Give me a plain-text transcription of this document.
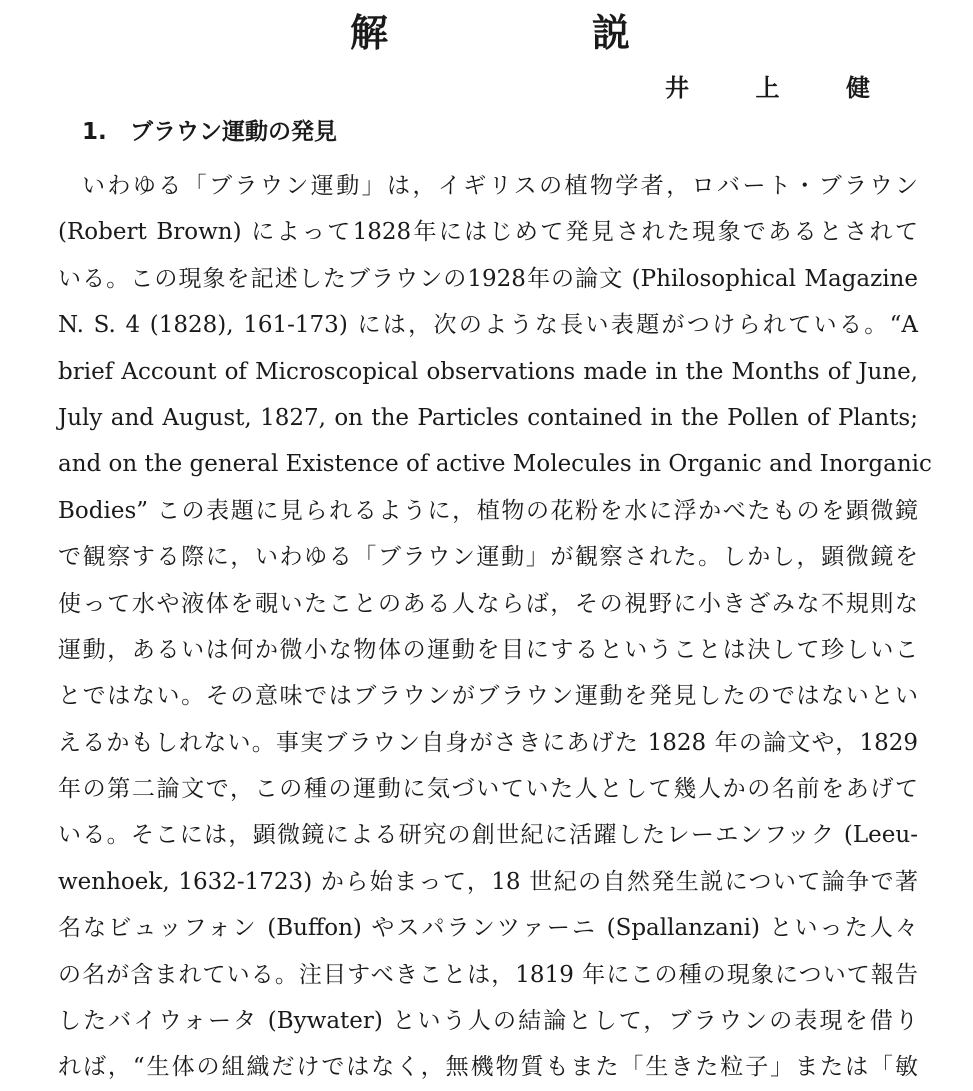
解	説
井	上	健
1. ブラウン運動の発見
いわゆる「ブラウン運動」は，イギリスの植物学者，ロバート・ブラウン
(Robert Brown) によって1828年にはじめて発見された現象であるとされて
いる。この現象を記述したブラウンの1928年の論文 (Philosophical Magazine
N. S. 4 (1828), 161-173) には，次のような長い表題がつけられている。“A
brief Account of Microscopical observations made in the Months of June,
July and August, 1827, on the Particles contained in the Pollen of Plants;
and on the general Existence of active Molecules in Organic and Inorganic
Bodies” この表題に見られるように，植物の花粉を水に浮かべたものを顕微鏡
で観察する際に，いわゆる「ブラウン運動」が観察された。しかし，顕微鏡を
使って水や液体を覗いたことのある人ならば，その視野に小きざみな不規則な
運動，あるいは何か微小な物体の運動を目にするということは決して珍しいこ
とではない。その意味ではブラウンがブラウン運動を発見したのではないとい
えるかもしれない。事実ブラウン自身がさきにあげた 1828 年の論文や，1829
年の第二論文で，この種の運動に気づいていた人として幾人かの名前をあげて
いる。そこには，顕微鏡による研究の創世紀に活躍したレーエンフック (Leeu-
wenhoek, 1632-1723) から始まって，18 世紀の自然発生説について論争で著
名なビュッフォン (Buffon) やスパランツァーニ (Spallanzani) といった人々
の名が含まれている。注目すべきことは，1819 年にこの種の現象について報告
したバイウォータ (Bywater) という人の結論として，ブラウンの表現を借り
れば，“生体の組織だけではなく，無機物質もまた「生きた粒子」または「敏
